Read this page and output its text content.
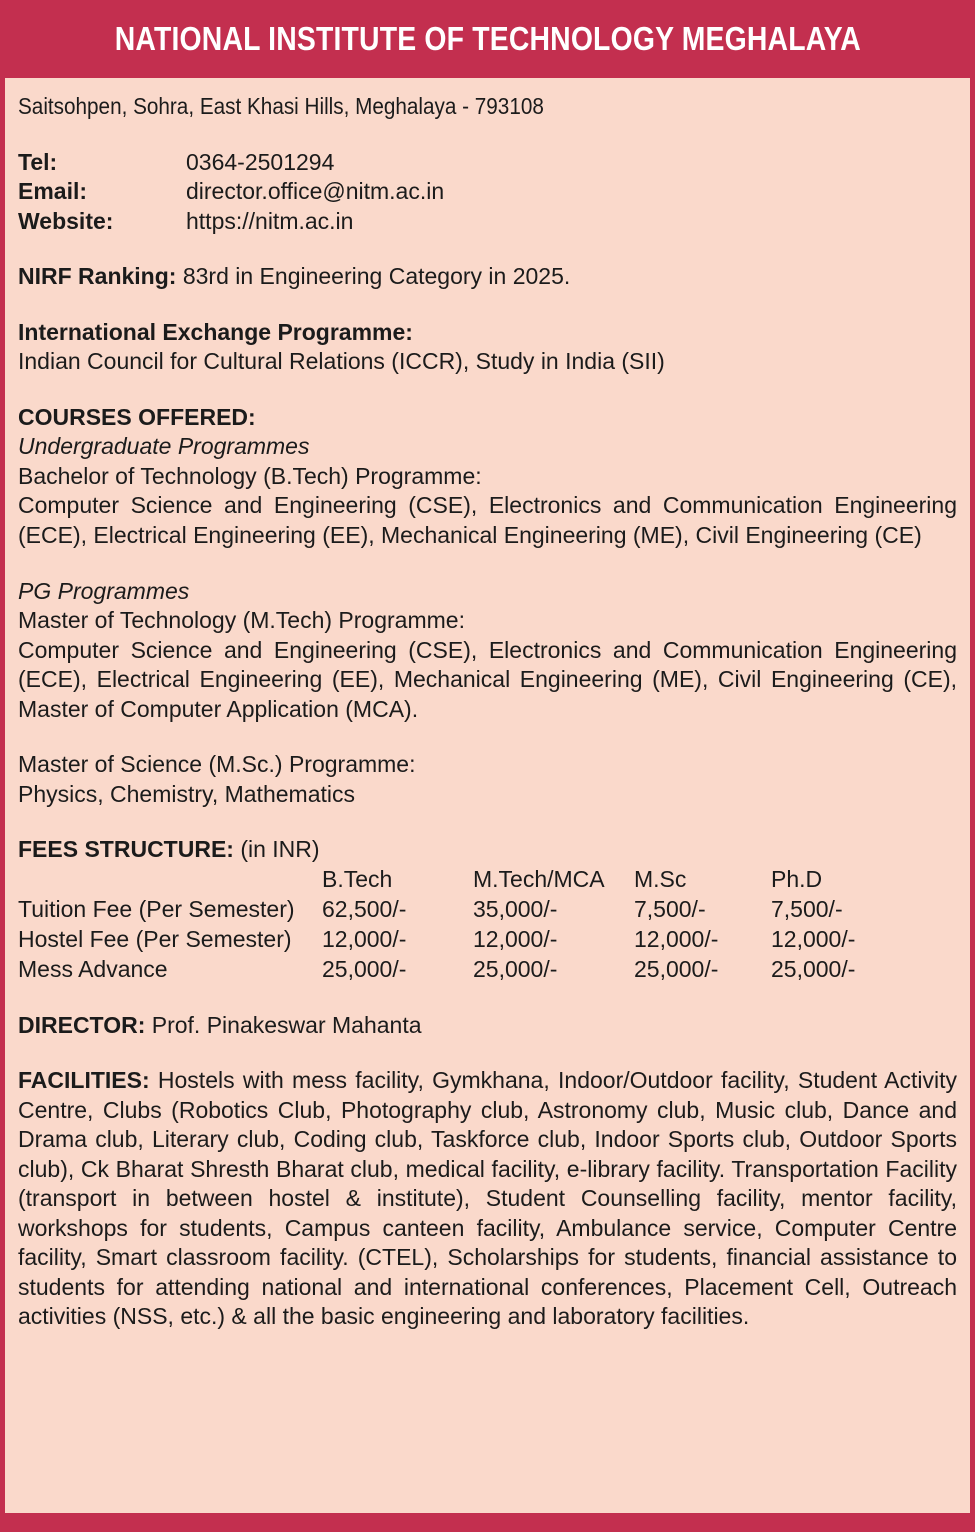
NATIONAL INSTITUTE OF TECHNOLOGY MEGHALAYA
Saitsohpen, Sohra, East Khasi Hills, Meghalaya - 793108
Tel:	0364-2501294
Email:	director.office@nitm.ac.in
Website:	https://nitm.ac.in
NIRF Ranking: 83rd in Engineering Category in 2025.
International Exchange Programme:
Indian Council for Cultural Relations (ICCR), Study in India (SII)
COURSES OFFERED:
Undergraduate Programmes
Bachelor of Technology (B.Tech) Programme:
Computer Science and Engineering (CSE), Electronics and Communication Engineering (ECE), Electrical Engineering (EE), Mechanical Engineering (ME), Civil Engineering (CE)
PG Programmes
Master of Technology (M.Tech) Programme:
Computer Science and Engineering (CSE), Electronics and Communication Engineering (ECE), Electrical Engineering (EE), Mechanical Engineering (ME), Civil Engineering (CE), Master of Computer Application (MCA).
Master of Science (M.Sc.) Programme:
Physics, Chemistry, Mathematics
FEES STRUCTURE: (in INR)
	B.Tech	M.Tech/MCA	M.Sc	Ph.D
Tuition Fee (Per Semester)	62,500/-	35,000/-	7,500/-	7,500/-
Hostel Fee (Per Semester)	12,000/-	12,000/-	12,000/-	12,000/-
Mess Advance	25,000/-	25,000/-	25,000/-	25,000/-
DIRECTOR: Prof. Pinakeswar Mahanta
FACILITIES: Hostels with mess facility, Gymkhana, Indoor/Outdoor facility, Student Activity Centre, Clubs (Robotics Club, Photography club, Astronomy club, Music club, Dance and Drama club, Literary club, Coding club, Taskforce club, Indoor Sports club, Outdoor Sports club), Ck Bharat Shresth Bharat club, medical facility, e-library facility. Transportation Facility (transport in between hostel & institute), Student Counselling facility, mentor facility, workshops for students, Campus canteen facility, Ambulance service, Computer Centre facility, Smart classroom facility. (CTEL), Scholarships for students, financial assistance to students for attending national and international conferences, Placement Cell, Outreach activities (NSS, etc.) & all the basic engineering and laboratory facilities.
